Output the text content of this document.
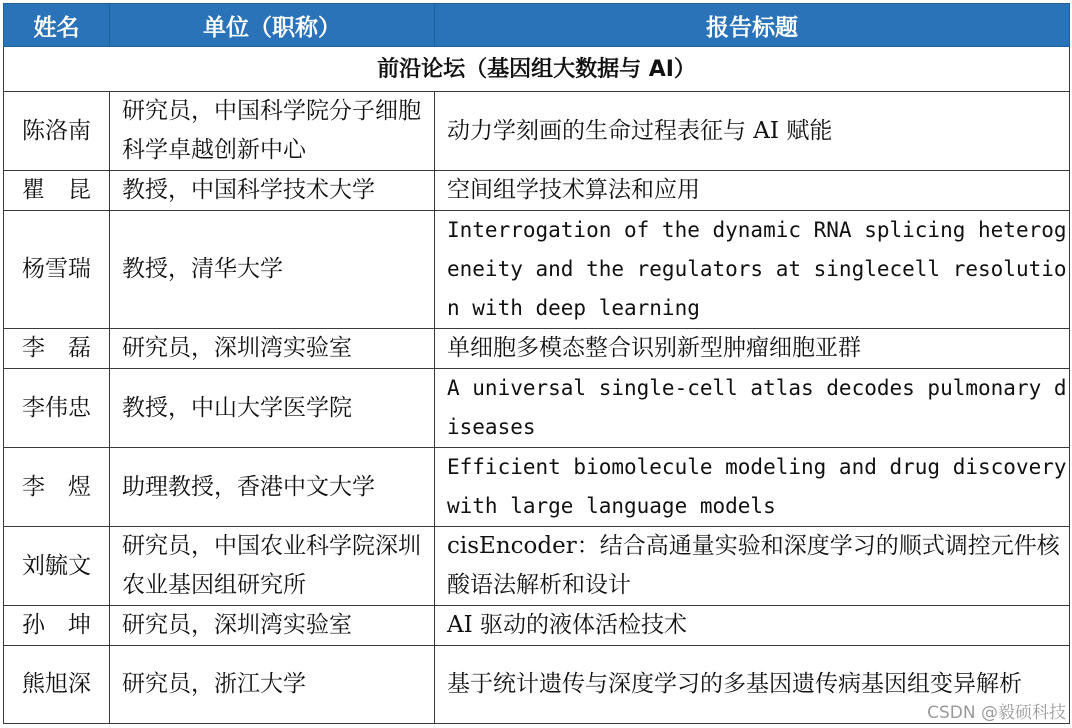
姓名	单位（职称）	报告标题
前沿论坛（基因组大数据与 AI）		
陈洛南	研究员，中国科学院分子细胞科学卓越创新中心	动力学刻画的生命过程表征与 AI 赋能
瞿　昆	教授，中国科学技术大学	空间组学技术算法和应用
杨雪瑞	教授，清华大学	Interrogation of the dynamic RNA splicing heterogeneity and the regulators at singlecell resolution with deep learning
李　磊	研究员，深圳湾实验室	单细胞多模态整合识别新型肿瘤细胞亚群
李伟忠	教授，中山大学医学院	A universal single-cell atlas decodes pulmonary diseases
李　煜	助理教授，香港中文大学	Efficient biomolecule modeling and drug discovery with large language models
刘毓文	研究员，中国农业科学院深圳农业基因组研究所	cisEncoder：结合高通量实验和深度学习的顺式调控元件核酸语法解析和设计
孙　坤	研究员，深圳湾实验室	AI 驱动的液体活检技术
熊旭深	研究员，浙江大学	基于统计遗传与深度学习的多基因遗传病基因组变异解析
CSDN @毅硕科技
